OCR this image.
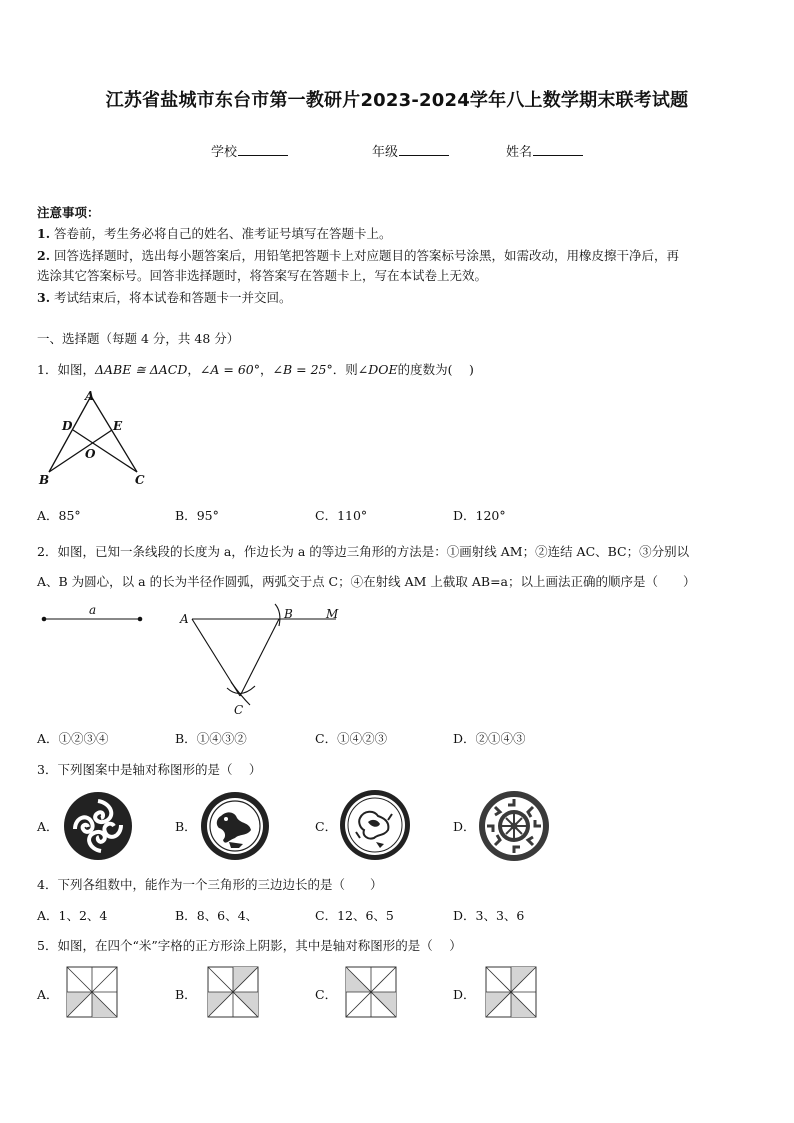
江苏省盐城市东台市第一教研片2023-2024学年八上数学期末联考试题
学校	年级	姓名
注意事项：
1. 答卷前，考生务必将自己的姓名、准考证号填写在答题卡上。
2. 回答选择题时，选出每小题答案后，用铅笔把答题卡上对应题目的答案标号涂黑，如需改动，用橡皮擦干净后，再
选涂其它答案标号。回答非选择题时，将答案写在答题卡上，写在本试卷上无效。
3. 考试结束后，将本试卷和答题卡一并交回。
一、选择题（每题 4 分，共 48 分）
1．如图，ΔABE ≅ ΔACD，∠A = 60°，∠B = 25°．则∠DOE的度数为(　 )
A
D	E
O
B	C
A．85°	B．95°	C．110°	D．120°
2．如图，已知一条线段的长度为 a，作边长为 a 的等边三角形的方法是：①画射线 AM；②连结 AC、BC；③分别以
A、B 为圆心，以 a 的长为半径作圆弧，两弧交于点 C；④在射线 AM 上截取 AB=a；以上画法正确的顺序是（　　）
a
A	B	M
C
A．①②③④	B．①④③②	C．①④②③	D．②①④③
3．下列图案中是轴对称图形的是（　 ）
A．	B．	C．	D．
4．下列各组数中，能作为一个三角形的三边边长的是（　　）
A．1、2、4	B．8、6、4、	C．12、6、5	D．3、3、6
5．如图，在四个“米”字格的正方形涂上阴影，其中是轴对称图形的是（　 ）
A．	B．	C．	D．
